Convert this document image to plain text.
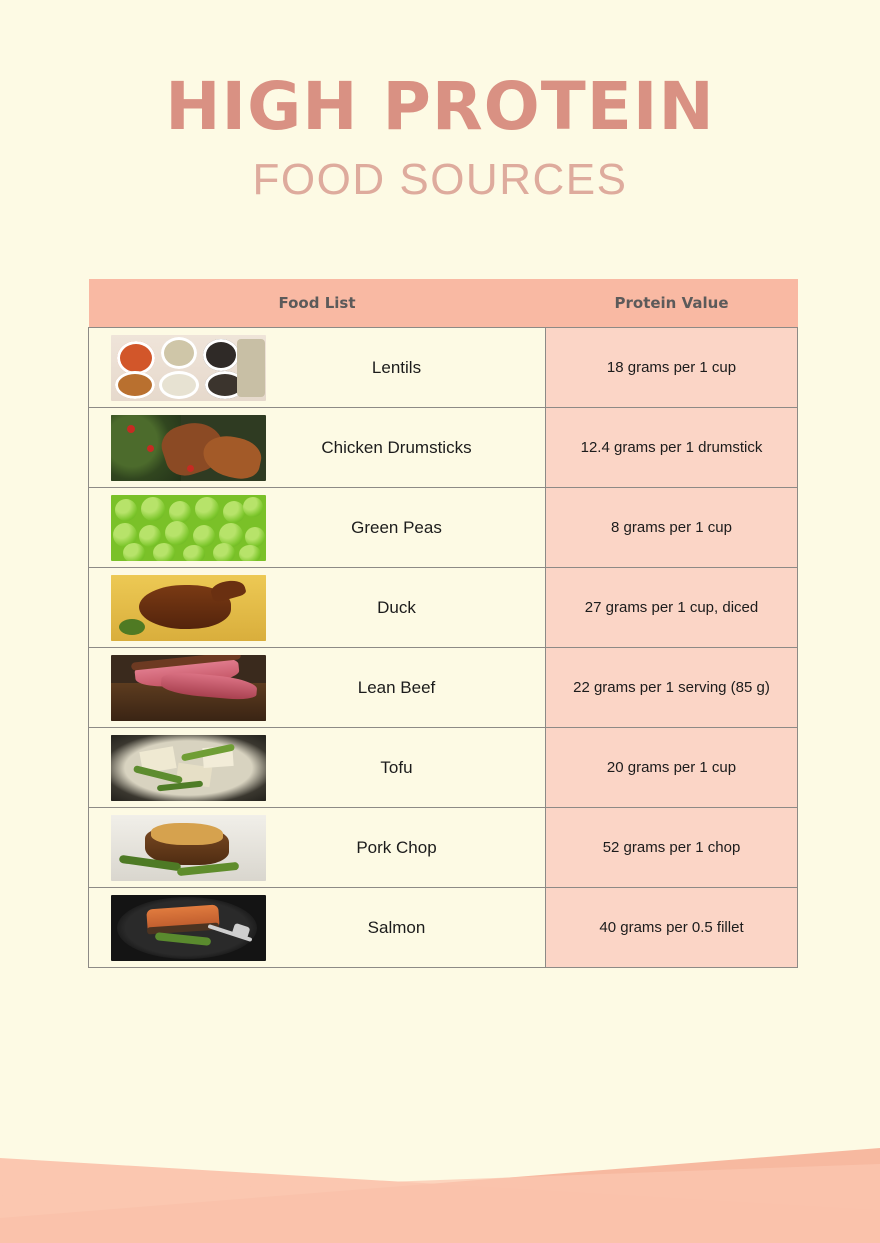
HIGH PROTEIN
FOOD SOURCES
Food List	Protein Value

Lentils	18 grams per 1 cup

Chicken Drumsticks	12.4 grams per 1 drumstick

Green Peas	8 grams per 1 cup

Duck	27 grams per 1 cup, diced

Lean Beef	22 grams per 1 serving (85 g)

Tofu	20 grams per 1 cup

Pork Chop	52 grams per 1 chop

Salmon	40 grams per 0.5 fillet
